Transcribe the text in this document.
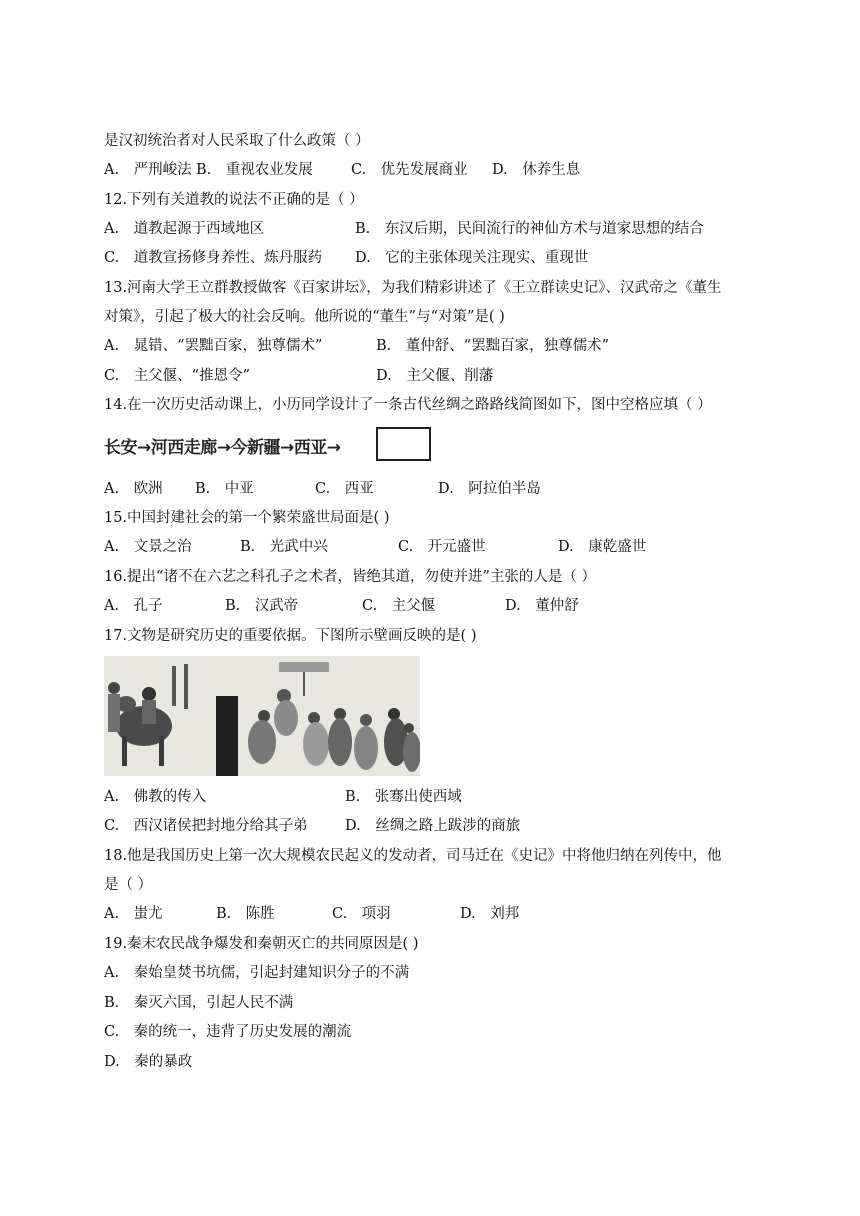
是汉初统治者对人民采取了什么政策（ ）
A.　严刑峻法 B.　重视农业发展	C.　优先发展商业 D.　休养生息
12.下列有关道教的说法不正确的是（ ）
A.　道教起源于西域地区	B.　东汉后期，民间流行的神仙方术与道家思想的结合
C.　道教宣扬修身养性、炼丹服药 D.　它的主张体现关注现实、重现世
13.河南大学王立群教授做客《百家讲坛》，为我们精彩讲述了《王立群读史记》、汉武帝之《董生
对策》，引起了极大的社会反响。他所说的“董生”与“对策”是( )
A.　晁错、“罢黜百家，独尊儒术”	B.　董仲舒、“罢黜百家，独尊儒术”
C.　主父偃、“推恩令”	D.　主父偃、削藩
14.在一次历史活动课上，小历同学设计了一条古代丝绸之路路线简图如下，图中空格应填（ ）
长安→河西走廊→今新疆→西亚→
A.　欧洲 B.　中亚	C.　西亚	D.　阿拉伯半岛
15.中国封建社会的第一个繁荣盛世局面是( )
A.　文景之治	B.　光武中兴	C.　开元盛世	D.　康乾盛世
16.提出“诸不在六艺之科孔子之术者，皆绝其道，勿使并进”主张的人是（ ）
A.　孔子	B.　汉武帝	C.　主父偃	D.　董仲舒
17.文物是研究历史的重要依据。下图所示壁画反映的是( )
A.　佛教的传入	B.　张骞出使西域
C.　西汉诸侯把封地分给其子弟	D.　丝绸之路上跋涉的商旅
18.他是我国历史上第一次大规模农民起义的发动者，司马迁在《史记》中将他归纳在列传中，他
是（ ）
A.　蚩尤	B.　陈胜	C.　项羽	D.　刘邦
19.秦末农民战争爆发和秦朝灭亡的共同原因是( )
A.　秦始皇焚书坑儒，引起封建知识分子的不满
B.　秦灭六国，引起人民不满
C.　秦的统一，违背了历史发展的潮流
D.　秦的暴政
